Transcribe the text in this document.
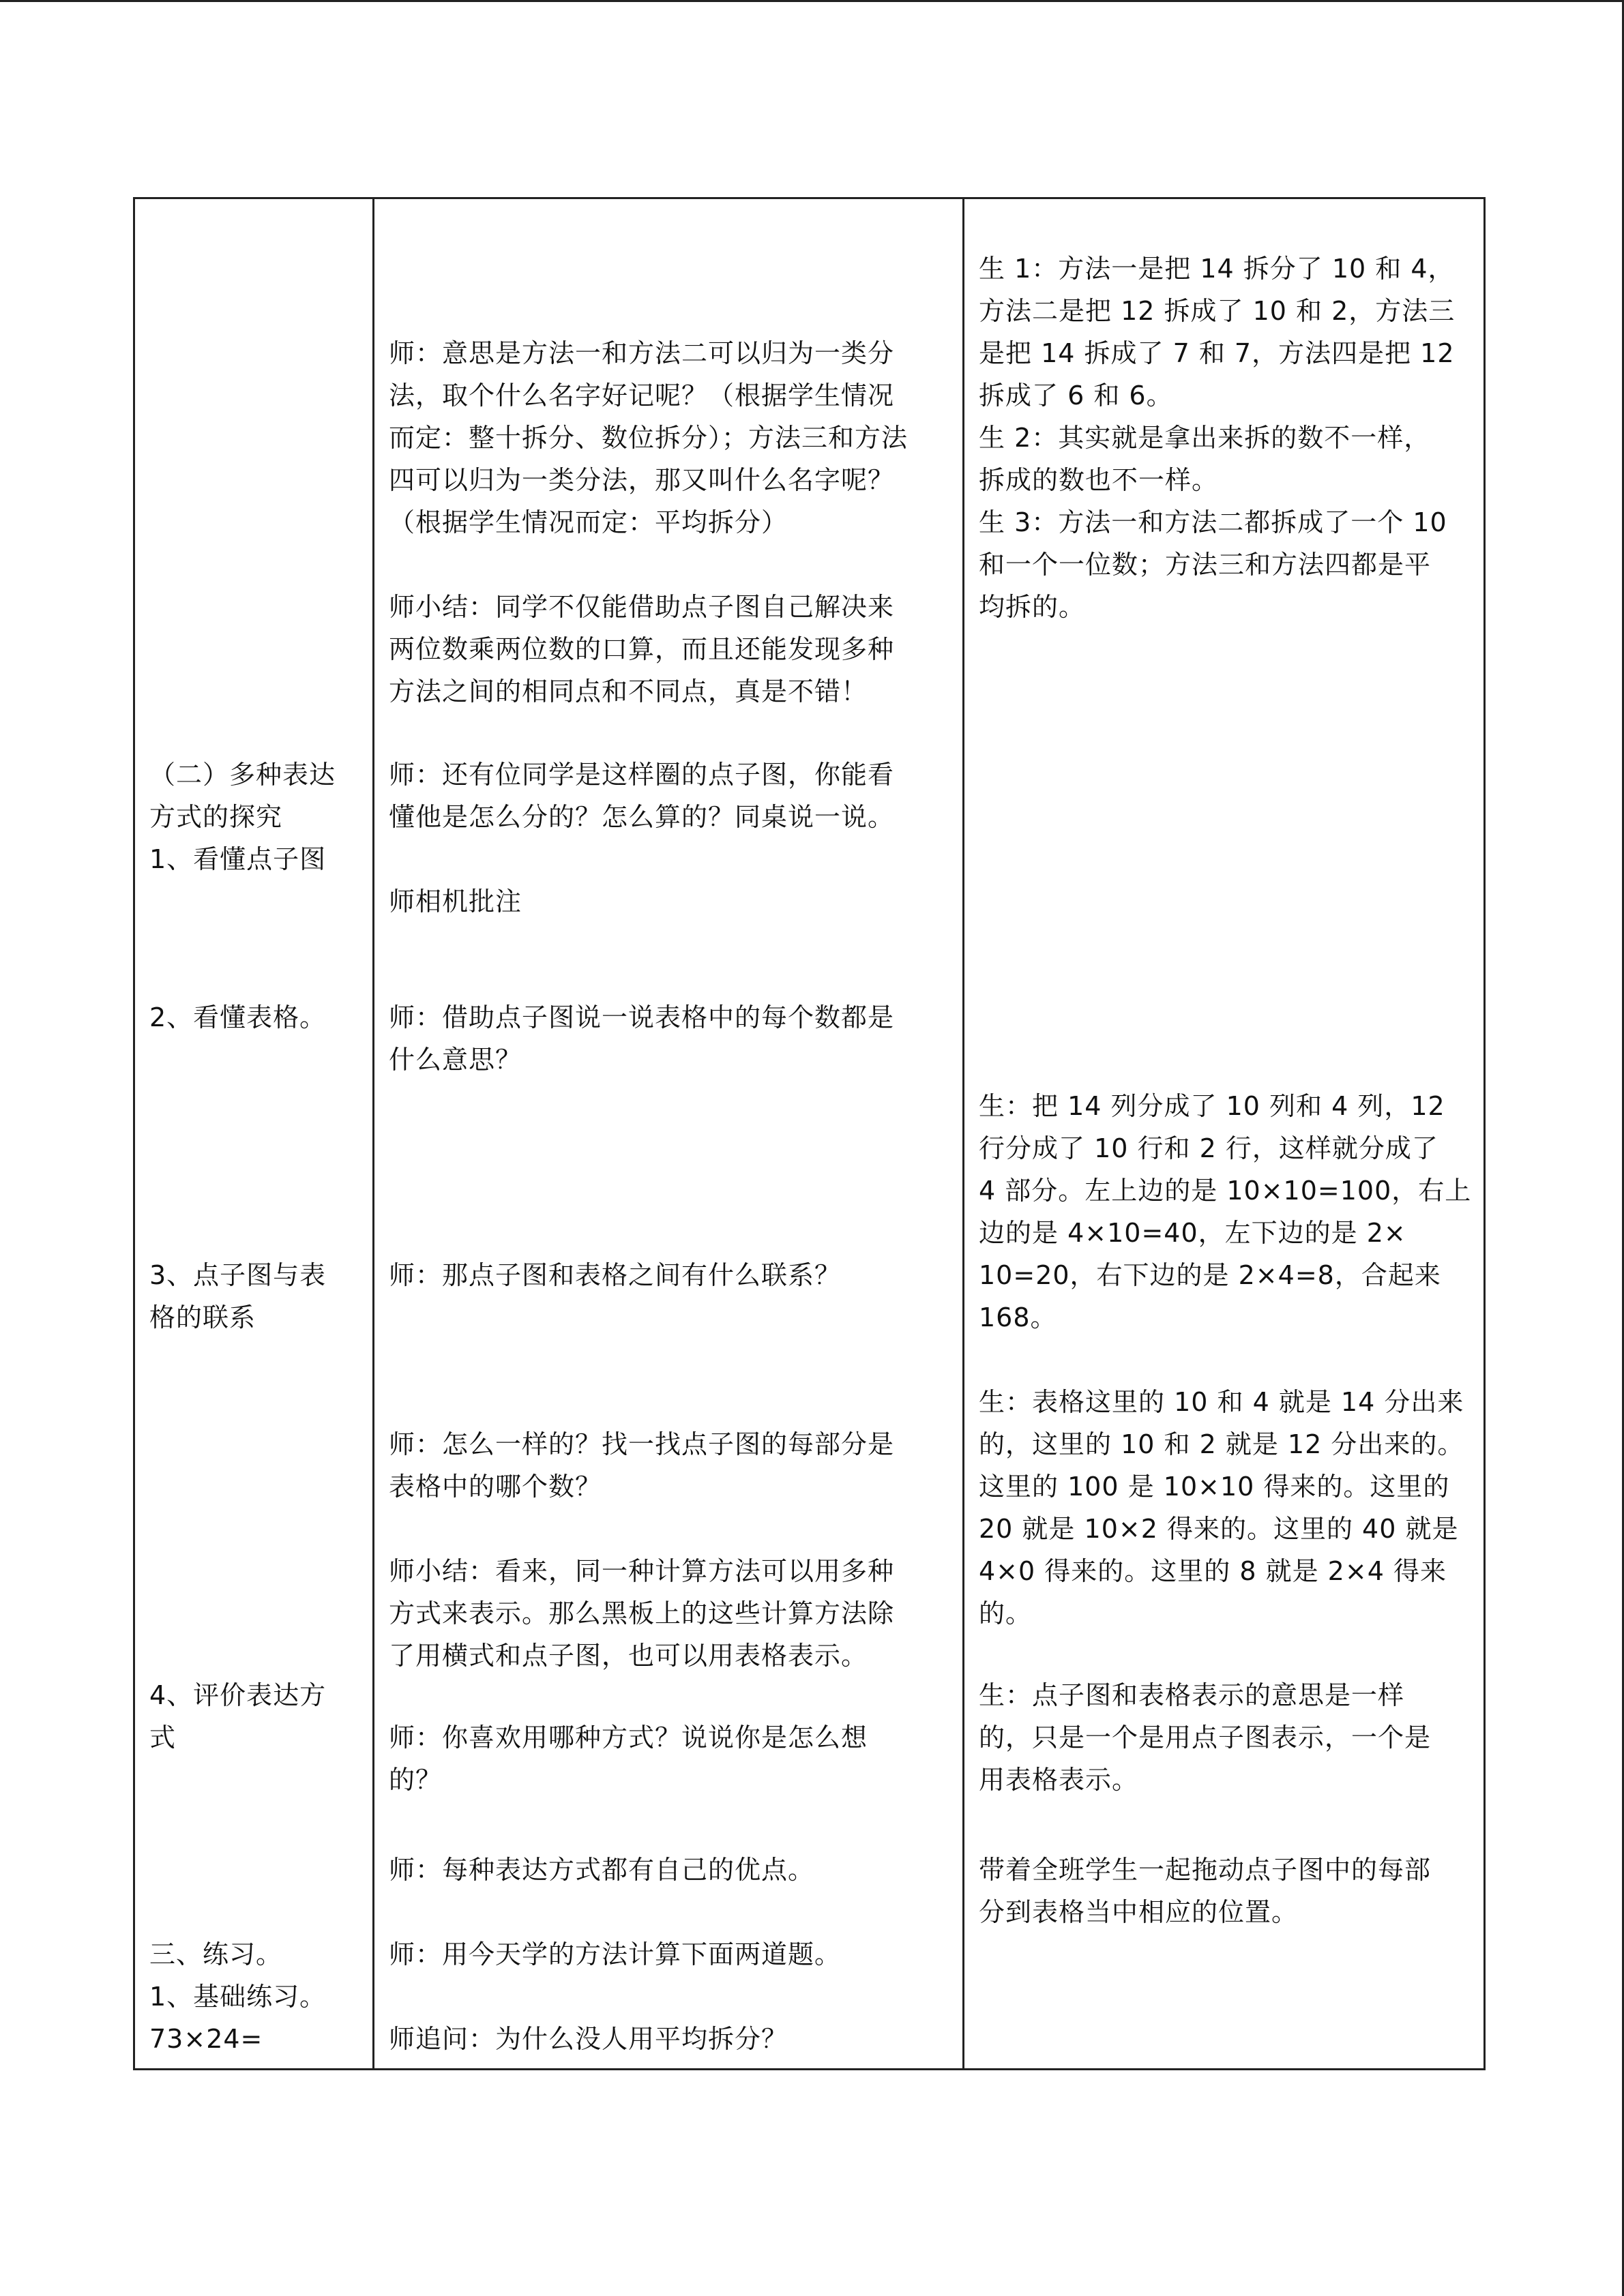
（二）多种表达
方式的探究
1、看懂点子图
2、看懂表格。
3、点子图与表
格的联系
4、评价表达方
式
三、练习。
1、基础练习。
73×24=
师：意思是方法一和方法二可以归为一类分
法，取个什么名字好记呢？（根据学生情况
而定：整十拆分、数位拆分）；方法三和方法
四可以归为一类分法，那又叫什么名字呢？
（根据学生情况而定：平均拆分）
师小结：同学不仅能借助点子图自己解决来
两位数乘两位数的口算，而且还能发现多种
方法之间的相同点和不同点，真是不错！
师：还有位同学是这样圈的点子图，你能看
懂他是怎么分的？怎么算的？同桌说一说。
师相机批注
师：借助点子图说一说表格中的每个数都是
什么意思？
师：那点子图和表格之间有什么联系？
师：怎么一样的？找一找点子图的每部分是
表格中的哪个数？
师小结：看来，同一种计算方法可以用多种
方式来表示。那么黑板上的这些计算方法除
了用横式和点子图，也可以用表格表示。
师：你喜欢用哪种方式？说说你是怎么想
的？
师：每种表达方式都有自己的优点。
师：用今天学的方法计算下面两道题。
师追问：为什么没人用平均拆分？
生 1：方法一是把 14 拆分了 10 和 4，
方法二是把 12 拆成了 10 和 2，方法三
是把 14 拆成了 7 和 7，方法四是把 12
拆成了 6 和 6。
生 2：其实就是拿出来拆的数不一样，
拆成的数也不一样。
生 3：方法一和方法二都拆成了一个 10
和一个一位数；方法三和方法四都是平
均拆的。
生：把 14 列分成了 10 列和 4 列，12
行分成了 10 行和 2 行，这样就分成了
4 部分。左上边的是 10×10=100，右上
边的是 4×10=40，左下边的是 2×
10=20，右下边的是 2×4=8，合起来
168。
生：表格这里的 10 和 4 就是 14 分出来
的，这里的 10 和 2 就是 12 分出来的。
这里的 100 是 10×10 得来的。这里的
20 就是 10×2 得来的。这里的 40 就是
4×0 得来的。这里的 8 就是 2×4 得来
的。
生：点子图和表格表示的意思是一样
的，只是一个是用点子图表示，一个是
用表格表示。
带着全班学生一起拖动点子图中的每部
分到表格当中相应的位置。
